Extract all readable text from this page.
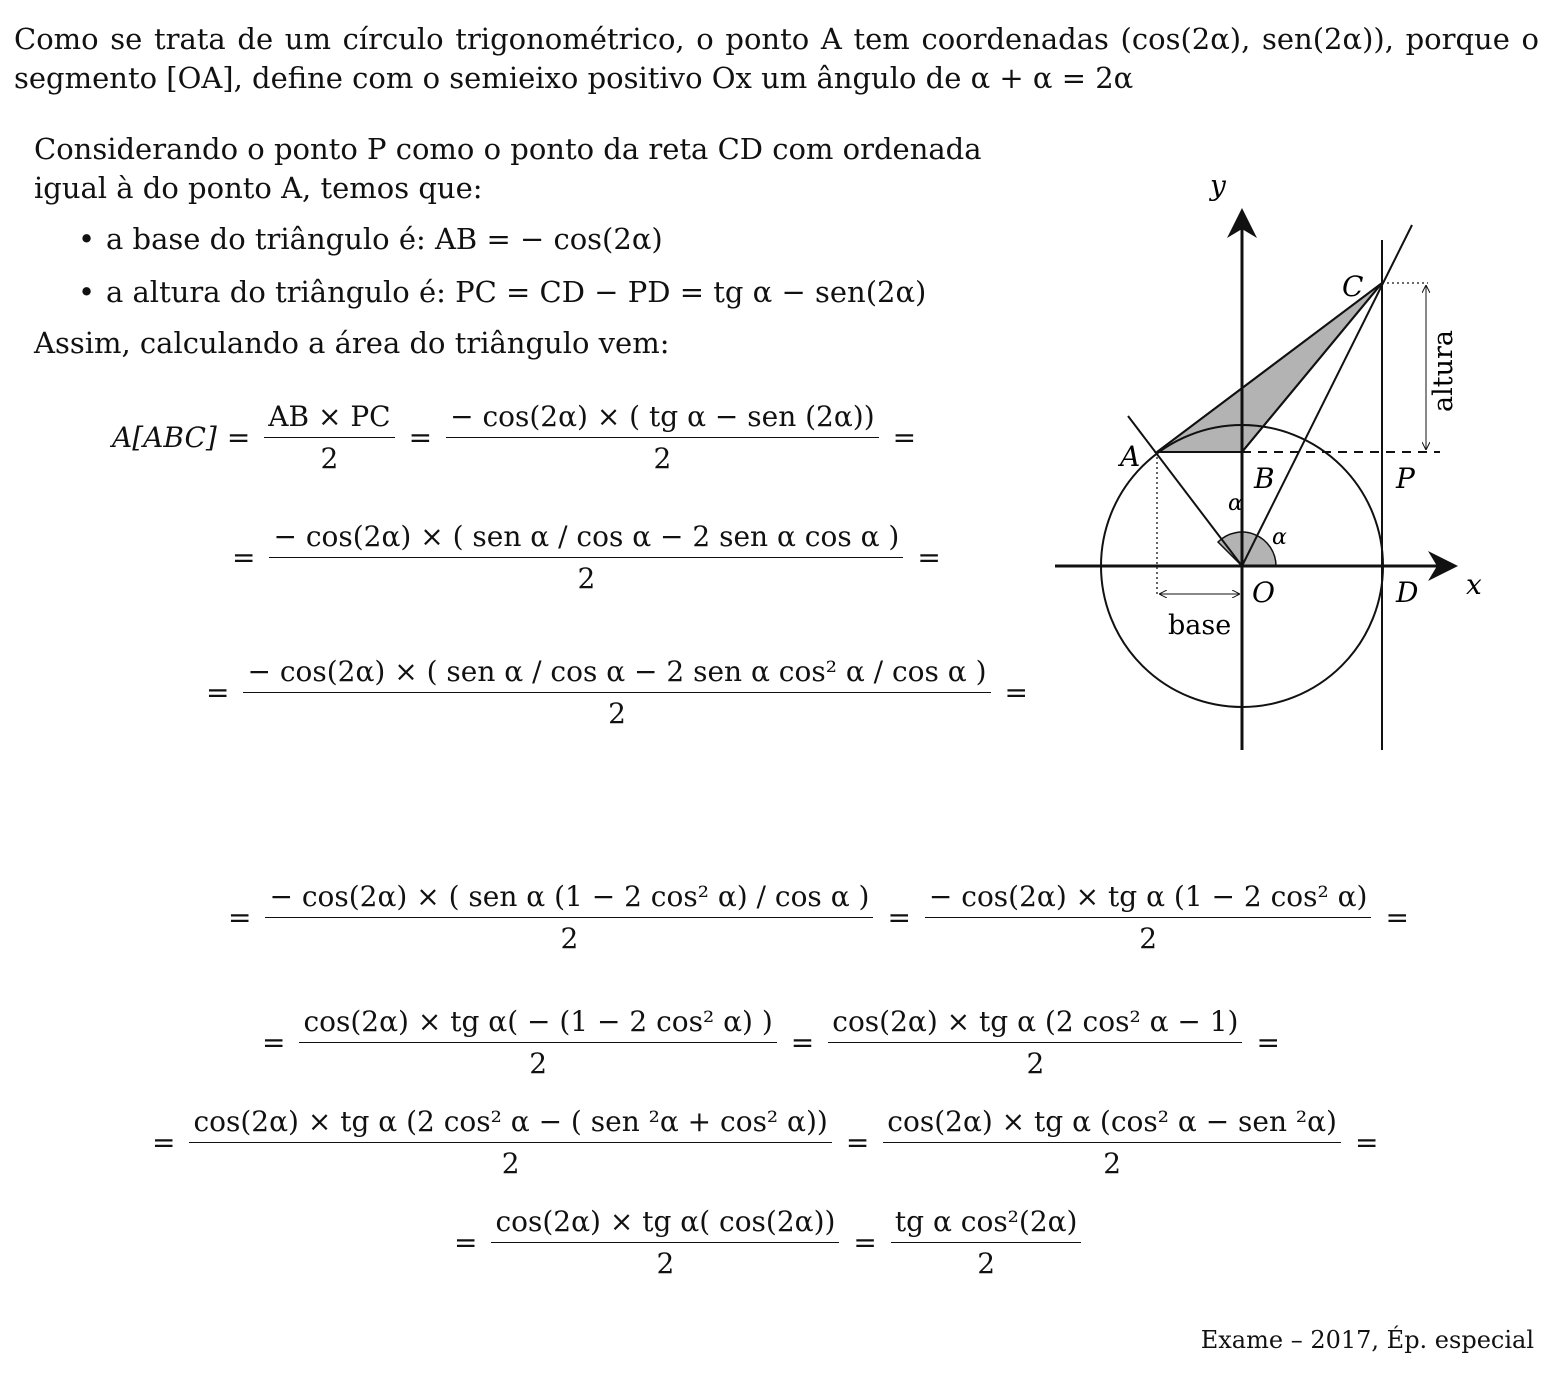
Como se trata de um círculo trigonométrico, o ponto A tem coordenadas (cos(2α), sen(2α)), porque o
segmento [OA], define com o semieixo positivo Ox um ângulo de α + α = 2α
Considerando o ponto P como o ponto da reta CD com ordenada
igual à do ponto A, temos que:
• a base do triângulo é: AB = − cos(2α)
• a altura do triângulo é: PC = CD − PD = tg α − sen(2α)
Assim, calculando a área do triângulo vem:
$A[ABC] = \frac{AB \times PC}{2} = \frac{\text{− cos(2α) × ( tg α − sen (2α))}}{2}$ =
= $\frac{\text{− cos(2α) × ( sen α / cos α − 2 sen α cos α )}}{2}$ =
= $\frac{\text{− cos(2α) × ( sen α / cos α − 2 sen α cos² α / cos α )}}{2}$ =
= $\frac{\text{− cos(2α) × ( sen α (1 − 2 cos² α) / cos α )}}{2} = \frac{\text{− cos(2α) × tg α (1 − 2 cos² α)}}{2}$ =
= $\frac{\text{cos(2α) × tg α( − (1 − 2 cos² α) )}}{2} = \frac{\text{cos(2α) × tg α (2 cos² α − 1)}}{2}$ =
= $\frac{\text{cos(2α) × tg α (2 cos² α − ( sen ²α + cos² α))}}{2} = \frac{\text{cos(2α) × tg α (cos² α − sen ²α)}}{2}$ =
= $\frac{\text{cos(2α) × tg α( cos(2α))}}{2} = \frac{\text{tg α cos²(2α)}}{2}$
y
x
C
A
B	P
O	D
α
α
altura
base
Exame – 2017, Ép. especial
